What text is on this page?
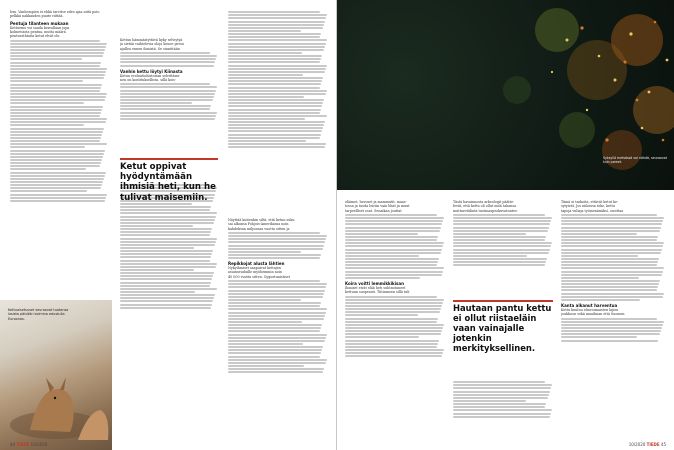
lem. Vanhempien ei ehkä tarvitse edes ajaa niitä pois: pelkkä nakkauden puute riittää.

Pentuja tilanteen mukaan

Kettuemo voi saada kerrallaan jopa

kolmetoista pentua, mutta määrä

pentuesthtaita ketut elvät ole.

Kettuaisetsuset seuraavat tuotensa lasista päivään kolmina edustulla Euroonas.

Kettun hämmästyttävä kyky selviytyä

ja sietää vaihtelevia oloja lienee persu

ajallea ennen ihmistä. Se sinnittään

Vanhin kettu löytyi Kiinasta

Ketun evoluutiohistorian selvittämi-

nen on kontituksellista, sillä kois-

Ketut oppivat hyödyntämään ihmisiä heti, kun he tulivat maisemiin.

Näyttää kuitenkin siltä, että ketun suku

sai alkunsa Pohjois-Amerikassa noin

kahdeksan miljoonaa vuotta sitten ja

Repikkojat alusta lähtien

Nykyihmiset saapuivat kettujen

asuinseuduille myöhemmin noin

40 000 vuotta sitten. Opportunistiset

44 TIEDE 10/2020
Syksyllä metsässä voi nähdä, seuraavat kuin pareet.

eläimet, hevoset ja mammutit, maas-

tossa ja tuoda leiriin vain lihat ja muut

tarpeelliset osat. Senaikan jouttat

Koira voitti lemmikkikisan

Ihmiset eivät elää heti suhtautuneet

kettuun suopeasti. Tiitinmeen sillä tuli

Tästä havainnosta arkeologit päätte-

levät, että kettu oli ollut mitä tahansa

muttaevtälinta tuotuiaspeokuvatuntes-

Hautaan pantu kettu ei ollut riistaeläin vaan vainajalle jotenkin merkityksellinen.

Tämä ei tarkoita, ettävät ketut ke-

sytyivät. Jos niiloissa toke, kettu

tapoja vuliaja työmenämiksi, osoittaa

Kanta alkanut harventua

Kettu kuuluu elinvoimaisten lajien

joukkoon sekä maailman että Suomen

10/2020 TIEDE 45
